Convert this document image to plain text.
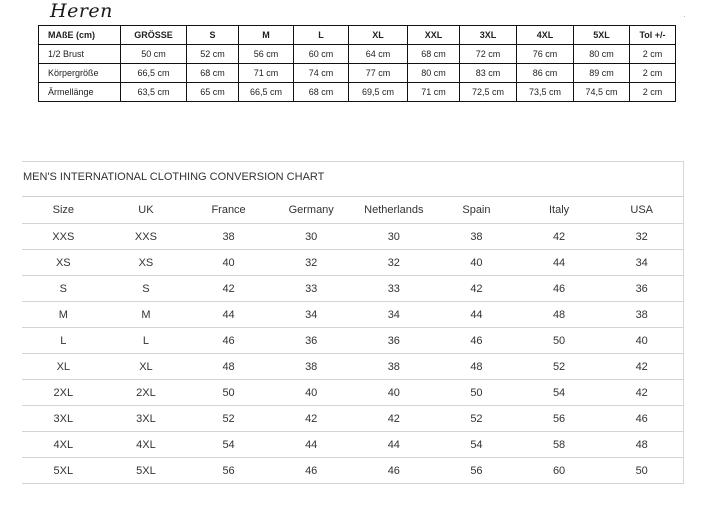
Heren	·
MAßE (cm)	GRÖSSE	S	M	L	XL	XXL	3XL	4XL	5XL	Tol +/-
1/2 Brust	50 cm	52 cm	56 cm	60 cm	64 cm	68 cm	72 cm	76 cm	80 cm	2 cm
Körpergröße	66,5 cm	68 cm	71 cm	74 cm	77 cm	80 cm	83 cm	86 cm	89 cm	2 cm
Ärmellänge	63,5 cm	65 cm	66,5 cm	68 cm	69,5 cm	71 cm	72,5 cm	73,5 cm	74,5 cm	2 cm
MEN'S INTERNATIONAL CLOTHING CONVERSION CHART
Size	UK	France	Germany	Netherlands	Spain	Italy	USA
XXS	XXS	38	30	30	38	42	32
XS	XS	40	32	32	40	44	34
S	S	42	33	33	42	46	36
M	M	44	34	34	44	48	38
L	L	46	36	36	46	50	40
XL	XL	48	38	38	48	52	42
2XL	2XL	50	40	40	50	54	42
3XL	3XL	52	42	42	52	56	46
4XL	4XL	54	44	44	54	58	48
5XL	5XL	56	46	46	56	60	50
